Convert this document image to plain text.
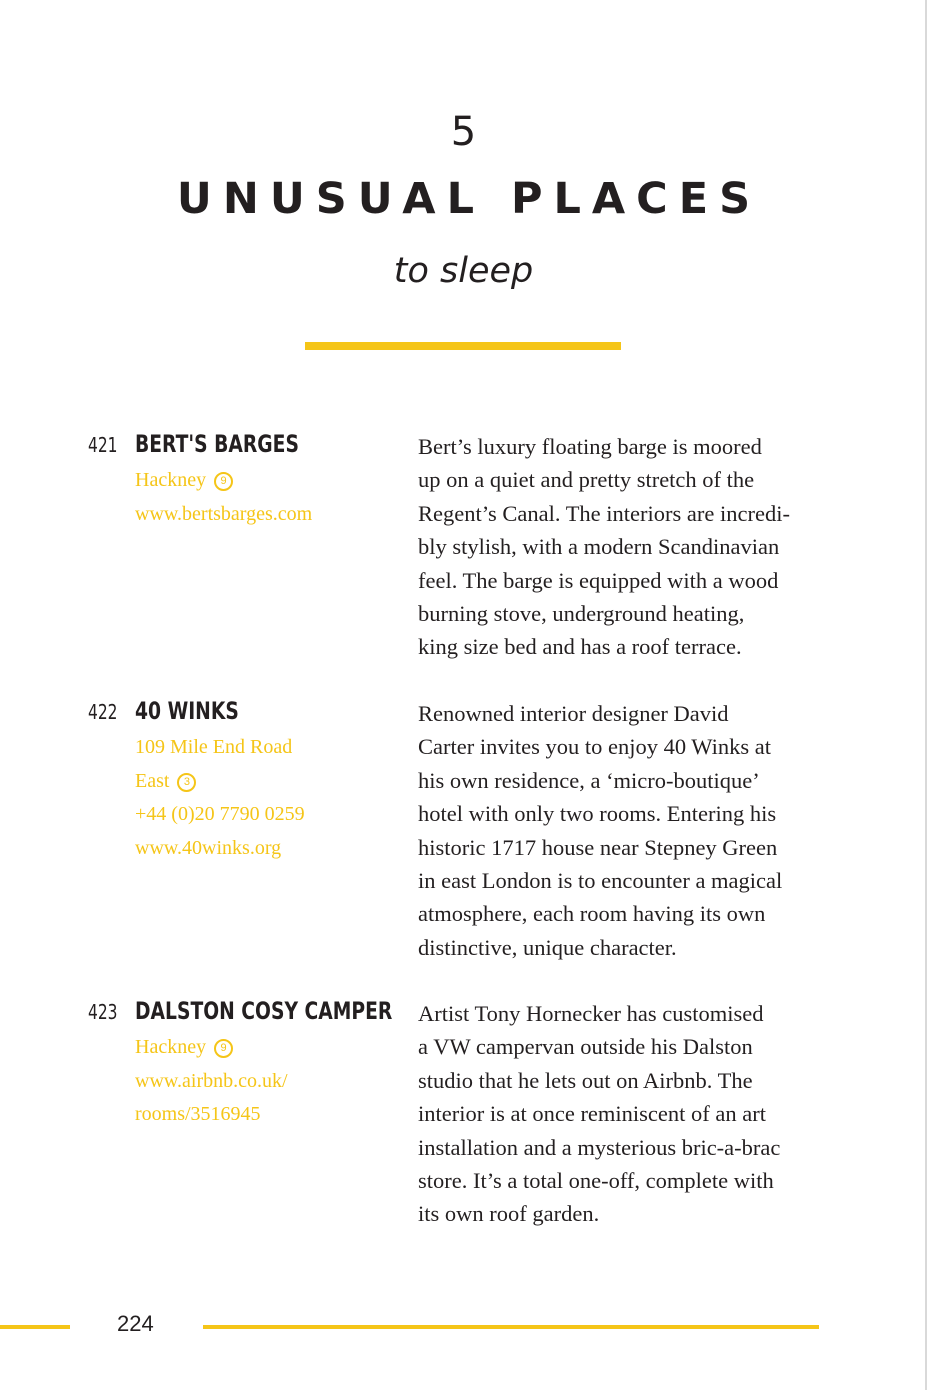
5
UNUSUAL PLACES
to sleep
421 BERT'S BARGES
Hackney 9
www.bertsbarges.com
Bert’s luxury floating barge is moored
up on a quiet and pretty stretch of the
Regent’s Canal. The interiors are incredi-
bly stylish, with a modern Scandinavian
feel. The barge is equipped with a wood
burning stove, underground heating,
king size bed and has a roof terrace.
422 40 WINKS
109 Mile End Road
East 3
+44 (0)20 7790 0259
www.40winks.org
Renowned interior designer David
Carter invites you to enjoy 40 Winks at
his own residence, a ‘micro-boutique’
hotel with only two rooms. Entering his
historic 1717 house near Stepney Green
in east London is to encounter a magical
atmosphere, each room having its own
distinctive, unique character.
423 DALSTON COSY CAMPER
Hackney 9
www.airbnb.co.uk/
rooms/3516945
Artist Tony Hornecker has customised
a VW campervan outside his Dalston
studio that he lets out on Airbnb. The
interior is at once reminiscent of an art
installation and a mysterious bric-a-brac
store. It’s a total one-off, complete with
its own roof garden.
224
